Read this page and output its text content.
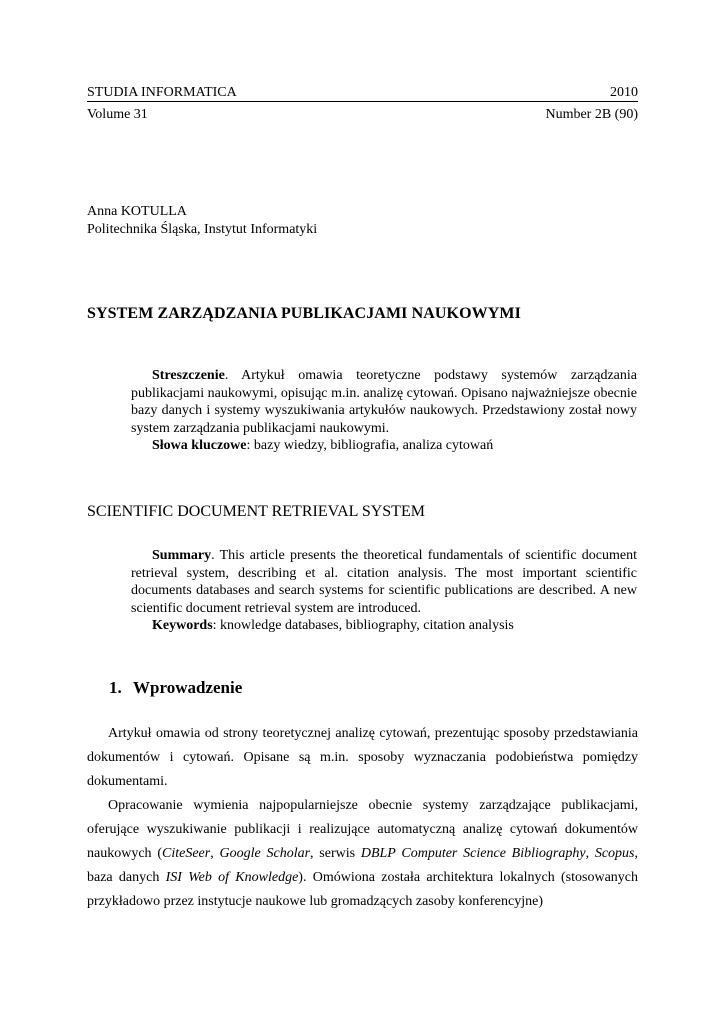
STUDIA INFORMATICA	2010
Volume 31	Number 2B (90)
Anna KOTULLA
Politechnika Śląska, Instytut Informatyki
SYSTEM ZARZĄDZANIA PUBLIKACJAMI NAUKOWYMI

Streszczenie. Artykuł omawia teoretyczne podstawy systemów zarządzania publikacjami naukowymi, opisując m.in. analizę cytowań. Opisano najważniejsze obecnie bazy danych i systemy wyszukiwania artykułów naukowych. Przedstawiony został nowy system zarządzania publikacjami naukowymi.

Słowa kluczowe: bazy wiedzy, bibliografia, analiza cytowań

SCIENTIFIC DOCUMENT RETRIEVAL SYSTEM

Summary. This article presents the theoretical fundamentals of scientific document retrieval system, describing et al. citation analysis. The most important scientific documents databases and search systems for scientific publications are described. A new scientific document retrieval system are introduced.

Keywords: knowledge databases, bibliography, citation analysis

1. Wprowadzenie

Artykuł omawia od strony teoretycznej analizę cytowań, prezentując sposoby przedstawiania dokumentów i cytowań. Opisane są m.in. sposoby wyznaczania podobieństwa pomiędzy dokumentami.

Opracowanie wymienia najpopularniejsze obecnie systemy zarządzające publikacjami, oferujące wyszukiwanie publikacji i realizujące automatyczną analizę cytowań dokumentów naukowych (CiteSeer, Google Scholar, serwis DBLP Computer Science Bibliography, Scopus, baza danych ISI Web of Knowledge). Omówiona została architektura lokalnych (stosowanych przykładowo przez instytucje naukowe lub gromadzących zasoby konferencyjne)
